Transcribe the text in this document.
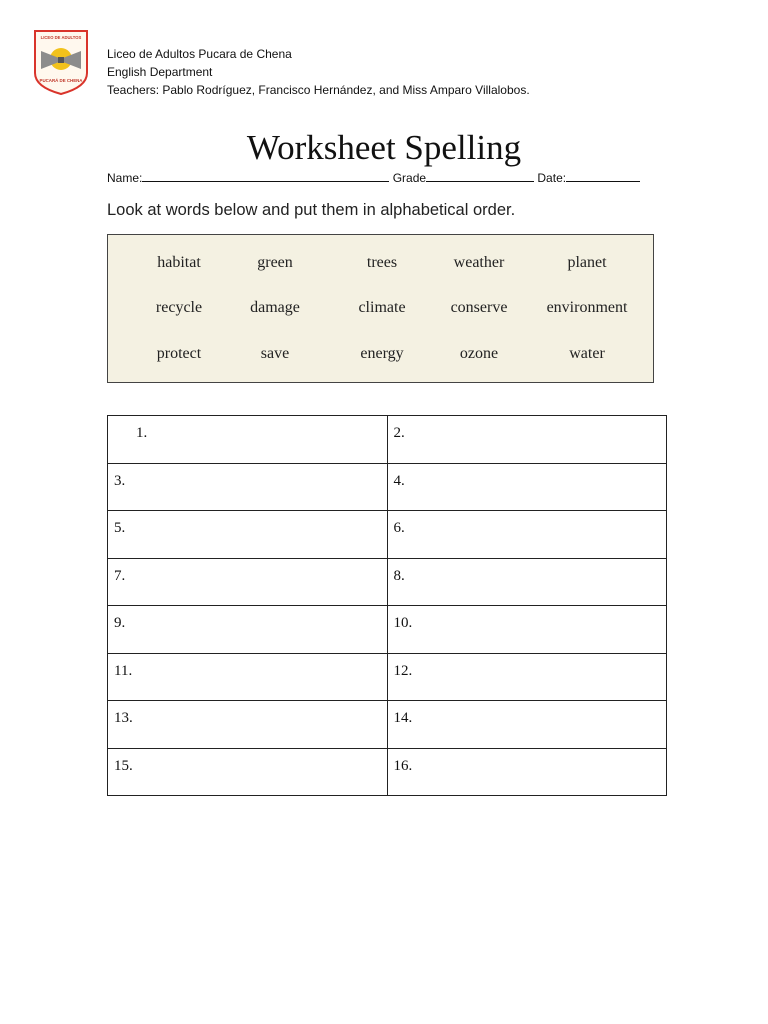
LICEO DE ADULTOS
PUCARÁ DE CHENA
Liceo de Adultos Pucara de Chena
English Department
Teachers: Pablo Rodríguez, Francisco Hernández, and Miss Amparo Villalobos.
Worksheet Spelling
Name:	Grade	Date:
Look at words below and put them in alphabetical order.
habitat	green	trees	weather	planet
recycle	damage	climate	conserve	environment
protect	save	energy	ozone	water
1.	2.
3.	4.
5.	6.
7.	8.
9.	10.
11.	12.
13.	14.
15.	16.
